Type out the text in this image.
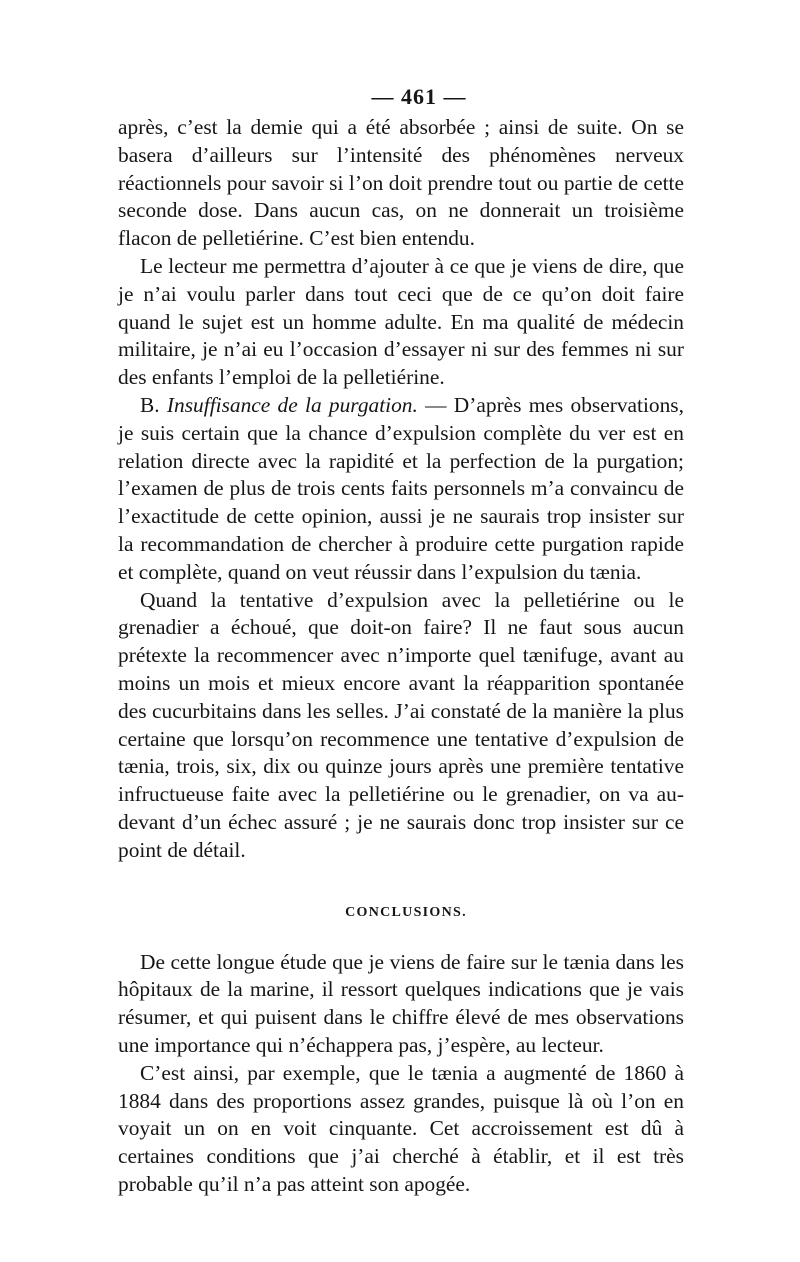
— 461 —

après, c’est la demie qui a été absorbée ; ainsi de suite. On se basera d’ailleurs sur l’intensité des phénomènes nerveux réactionnels pour savoir si l’on doit prendre tout ou partie de cette seconde dose. Dans aucun cas, on ne donnerait un troisième flacon de pelletiérine. C’est bien entendu.

Le lecteur me permettra d’ajouter à ce que je viens de dire, que je n’ai voulu parler dans tout ceci que de ce qu’on doit faire quand le sujet est un homme adulte. En ma qualité de médecin militaire, je n’ai eu l’occasion d’essayer ni sur des femmes ni sur des enfants l’emploi de la pelletiérine.

B. Insuffisance de la purgation. — D’après mes observations, je suis certain que la chance d’expulsion complète du ver est en relation directe avec la rapidité et la perfection de la purgation; l’examen de plus de trois cents faits personnels m’a convaincu de l’exactitude de cette opinion, aussi je ne saurais trop insister sur la recommandation de chercher à produire cette purgation rapide et complète, quand on veut réussir dans l’expulsion du tænia.

Quand la tentative d’expulsion avec la pelletiérine ou le grenadier a échoué, que doit-on faire? Il ne faut sous aucun prétexte la recommencer avec n’importe quel tænifuge, avant au moins un mois et mieux encore avant la réapparition spontanée des cucurbitains dans les selles. J’ai constaté de la manière la plus certaine que lorsqu’on recommence une tentative d’expulsion de tænia, trois, six, dix ou quinze jours après une première tentative infructueuse faite avec la pelletiérine ou le grenadier, on va au-devant d’un échec assuré ; je ne saurais donc trop insister sur ce point de détail.

CONCLUSIONS.

De cette longue étude que je viens de faire sur le tænia dans les hôpitaux de la marine, il ressort quelques indications que je vais résumer, et qui puisent dans le chiffre élevé de mes observations une importance qui n’échappera pas, j’espère, au lecteur.

C’est ainsi, par exemple, que le tænia a augmenté de 1860 à 1884 dans des proportions assez grandes, puisque là où l’on en voyait un on en voit cinquante. Cet accroissement est dû à certaines conditions que j’ai cherché à établir, et il est très probable qu’il n’a pas atteint son apogée.
